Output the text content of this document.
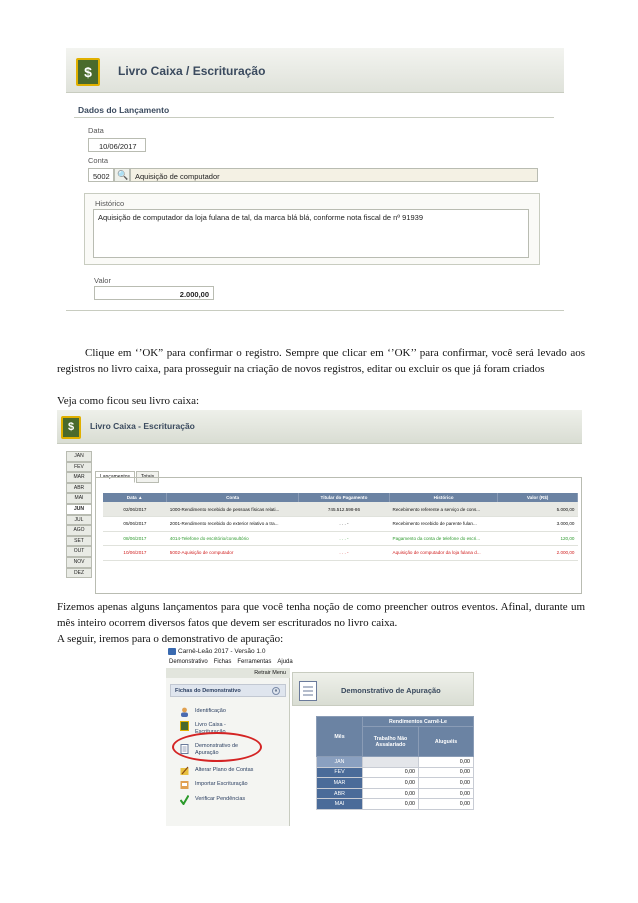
$	Livro Caixa / Escrituração
Dados do Lançamento
Data
10/06/2017
Conta
5002 🔍 Aquisição de computador
Histórico
Aquisição de computador da loja fulana de tal, da marca blá blá, conforme nota fiscal de nº 91939
Valor
2.000,00
Clique em ‘’OK” para confirmar o registro. Sempre que clicar em ‘’OK’’ para confirmar, você será levado aos registros no livro caixa, para prosseguir na criação de novos registros, editar ou excluir os que já foram criados
Veja como ficou seu livro caixa:
$	Livro Caixa - Escrituração
JAN
FEV
MAR
ABR
MAI
JUN
JUL
AGO
SET
OUT
NOV
DEZ
Lançamentos Totais
Data ▲	Conta	Titular do Pagamento	Histórico	Valor (R$)
02/06/2017	1000-Rendimento recebido de pessoas físicas relati...	745.512.598-86	Recebimento referente a serviço de cons...	5.000,00
05/06/2017	2001-Rendimento recebido do exterior relativo a tra...	. . . -	Recebimento recebido de parente fulan...	3.000,00
08/06/2017	4014-Telefone do escritório/consultório	. . . -	Pagamento da conta de telefone do escri...	120,00
10/06/2017	5002-Aquisição de computador	. . . -	Aquisição de computador da loja fulana d...	2.000,00
Fizemos apenas alguns lançamentos para que você tenha noção de como preencher outros eventos. Afinal, durante um mês inteiro ocorrem diversos fatos que devem ser escriturados no livro caixa.
A seguir, iremos para o demonstrativo de apuração:
Carnê-Leão 2017 - Versão 1.0
Demonstrativo Fichas Ferramentas Ajuda
Retrair Menu
Fichas do Demonstrativo	«
Identificação
Livro Caixa - Escrituração
Demonstrativo de Apuração
Alterar Plano de Contas
Importar Escrituração
Verificar Pendências
Demonstrativo de Apuração
Mês	Rendimentos Carnê-Le	
	Trabalho Não Assalariado	Aluguéis
JAN		0,00
FEV	0,00	0,00
MAR	0,00	0,00
ABR	0,00	0,00
MAI	0,00	0,00
